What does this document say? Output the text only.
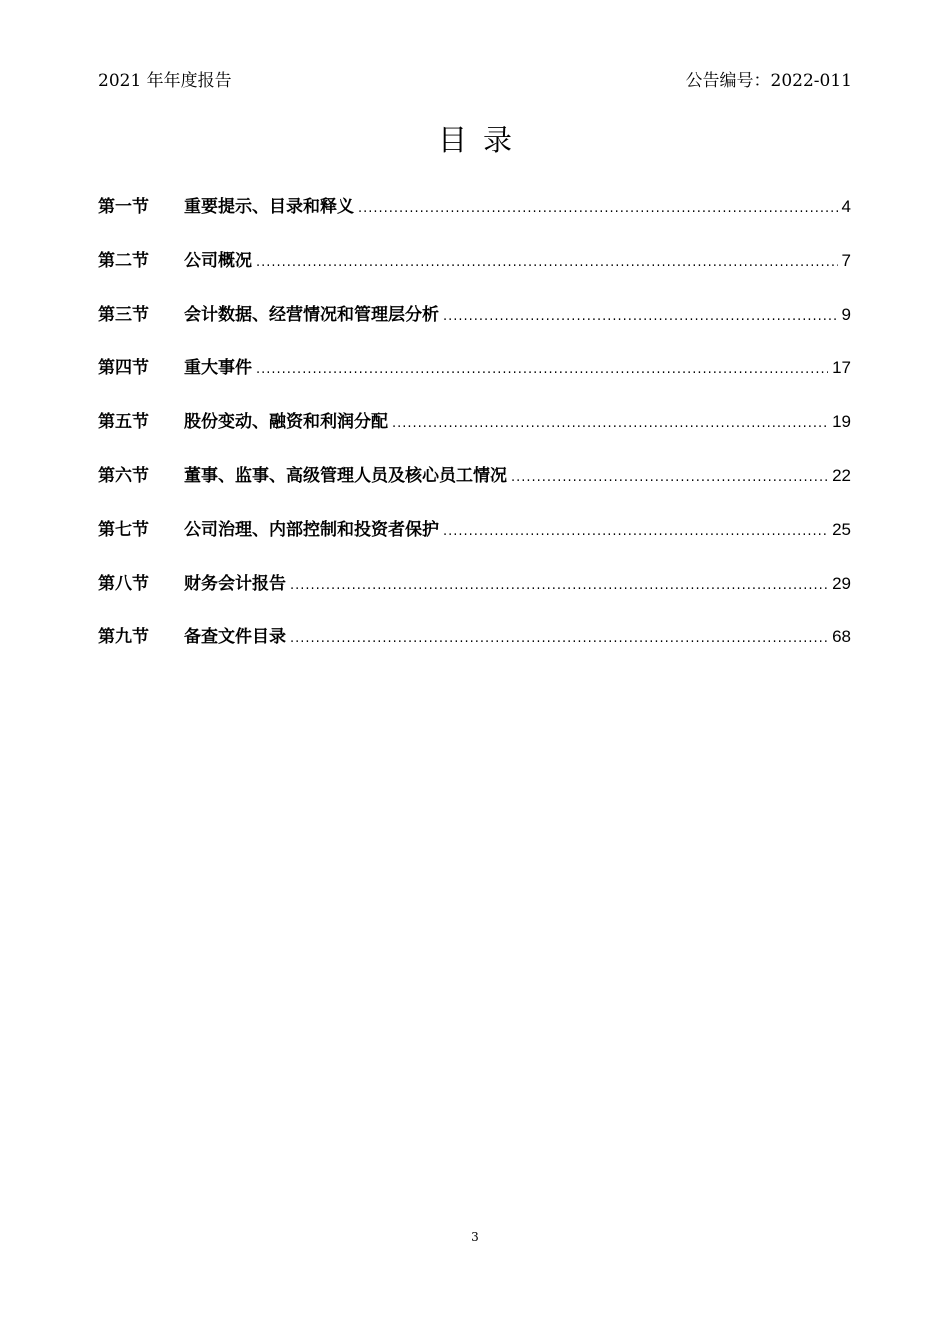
2021 年年度报告	公告编号：2022-011
目录
第一节	重要提示、目录和释义 .....	4
第二节	公司概况 .....	7
第三节	会计数据、经营情况和管理层分析 .....	9
第四节	重大事件 .....	17
第五节	股份变动、融资和利润分配 .....	19
第六节	董事、监事、高级管理人员及核心员工情况 .....	22
第七节	公司治理、内部控制和投资者保护 .....	25
第八节	财务会计报告 .....	29
第九节	备查文件目录 .....	68
3
